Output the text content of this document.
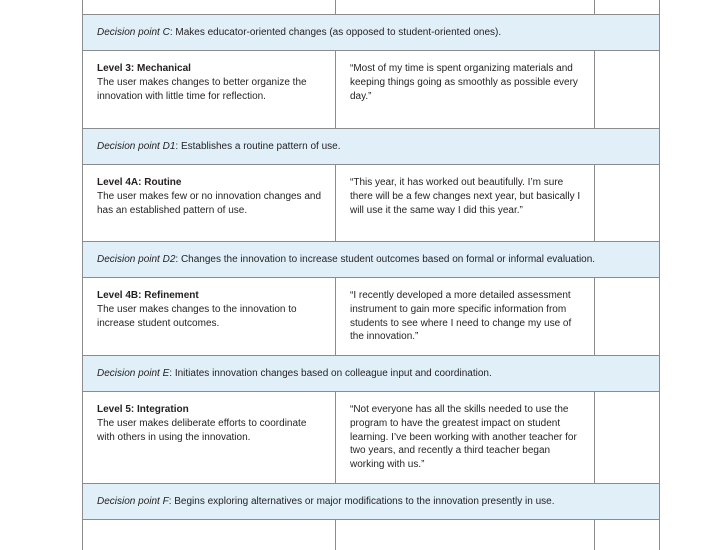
Decision point C: Makes educator-oriented changes (as opposed to student-oriented ones).
Level 3: Mechanical
The user makes changes to better organize the innovation with little time for reflection.
“Most of my time is spent organizing materials and keeping things going as smoothly as possible every day.”
Decision point D1: Establishes a routine pattern of use.
Level 4A: Routine
The user makes few or no innovation changes and has an established pattern of use.
“This year, it has worked out beautifully. I’m sure there will be a few changes next year, but basically I will use it the same way I did this year.”
Decision point D2: Changes the innovation to increase student outcomes based on formal or informal evaluation.
Level 4B: Refinement
The user makes changes to the innovation to increase student outcomes.
“I recently developed a more detailed assessment instrument to gain more specific information from students to see where I need to change my use of the innovation.”
Decision point E: Initiates innovation changes based on colleague input and coordination.
Level 5: Integration
The user makes deliberate efforts to coordinate with others in using the innovation.
“Not everyone has all the skills needed to use the program to have the greatest impact on student learning. I’ve been working with another teacher for two years, and recently a third teacher began working with us.”
Decision point F: Begins exploring alternatives or major modifications to the innovation presently in use.
